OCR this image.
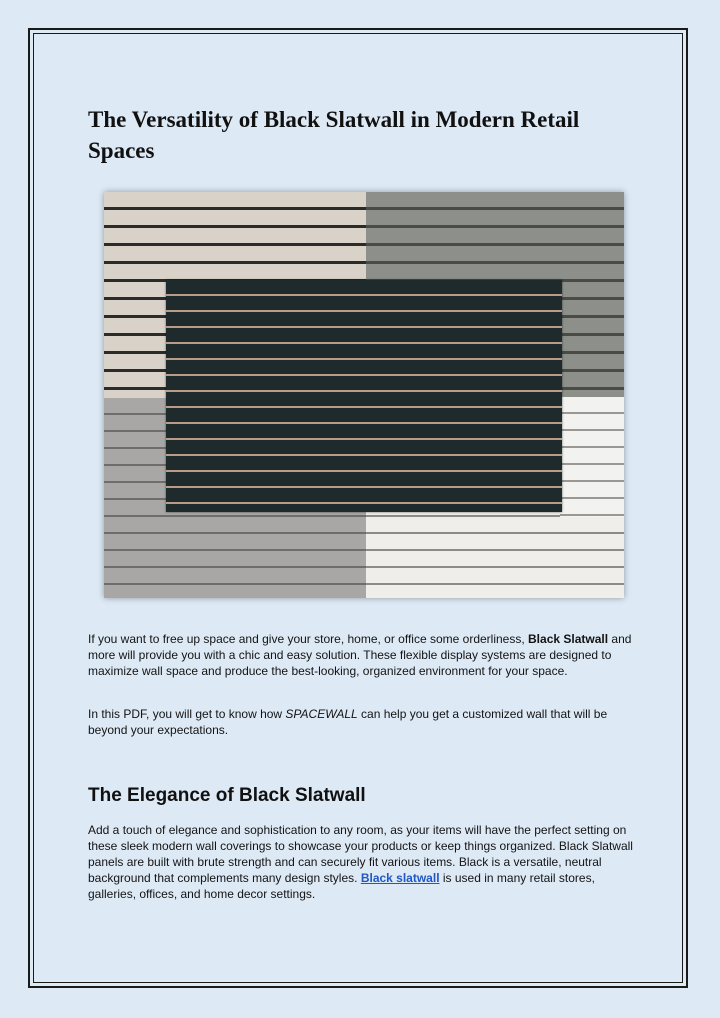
The Versatility of Black Slatwall in Modern Retail Spaces

If you want to free up space and give your store, home, or office some orderliness, Black Slatwall and more will provide you with a chic and easy solution. These flexible display systems are designed to maximize wall space and produce the best-looking, organized environment for your space.

In this PDF, you will get to know how SPACEWALL can help you get a customized wall that will be beyond your expectations.

The Elegance of Black Slatwall

Add a touch of elegance and sophistication to any room, as your items will have the perfect setting on these sleek modern wall coverings to showcase your products or keep things organized. Black Slatwall panels are built with brute strength and can securely fit various items. Black is a versatile, neutral background that complements many design styles. Black slatwall is used in many retail stores, galleries, offices, and home decor settings.
